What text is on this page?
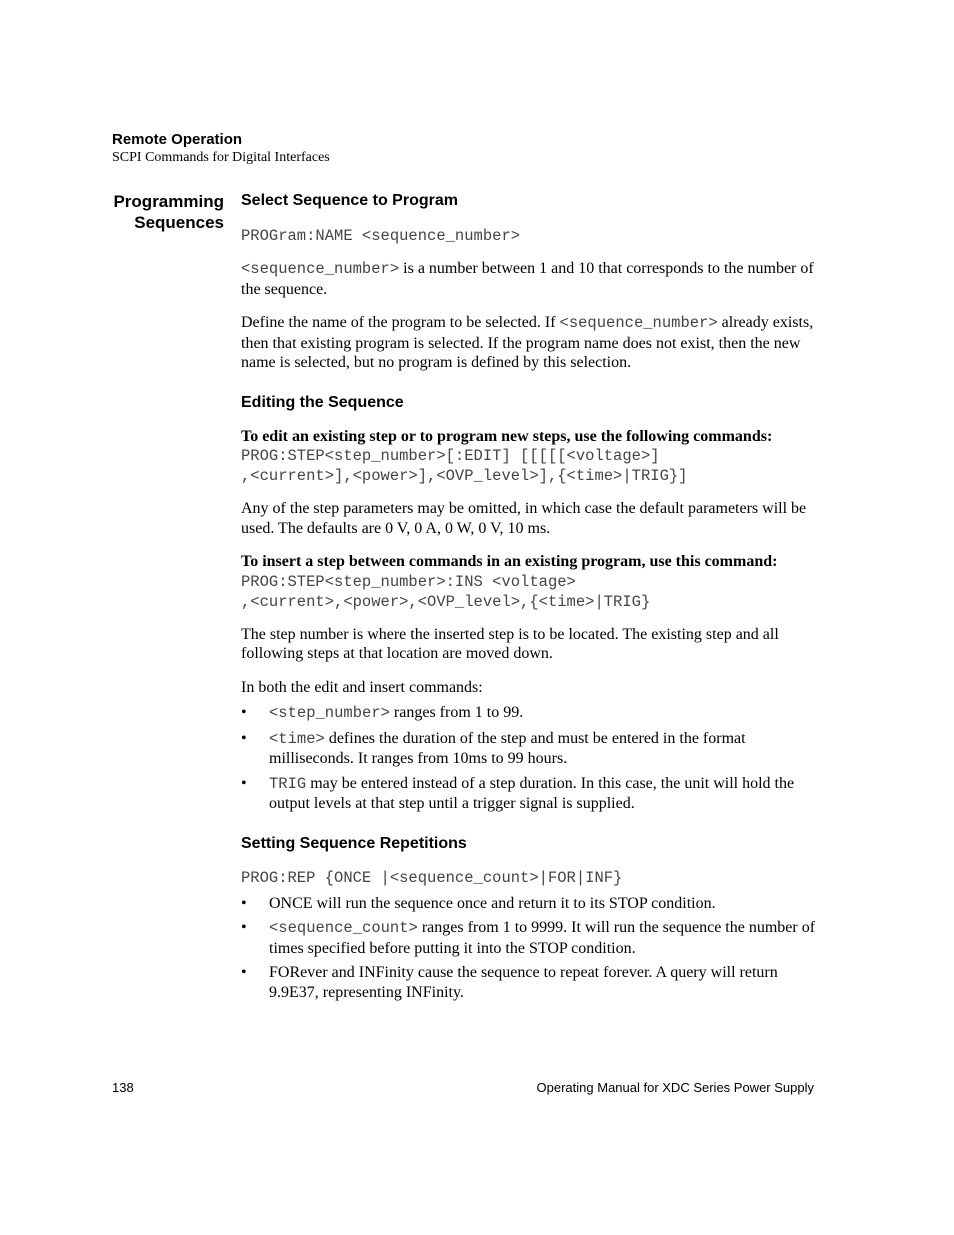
Remote Operation
SCPI Commands for Digital Interfaces
Programming
Sequences
Select Sequence to Program
PROGram:NAME <sequence_number>

<sequence_number> is a number between 1 and 10 that corresponds to the number of the sequence.

Define the name of the program to be selected. If <sequence_number> already exists, then that existing program is selected. If the program name does not exist, then the new name is selected, but no program is defined by this selection.

Editing the Sequence

To edit an existing step or to program new steps, use the following commands:

PROG:STEP<step_number>[:EDIT] [[[[[<voltage>]
,<current>],<power>],<OVP_level>],{<time>|TRIG}]

Any of the step parameters may be omitted, in which case the default parameters will be used. The defaults are 0 V, 0 A, 0 W, 0 V, 10 ms.

To insert a step between commands in an existing program, use this command:

PROG:STEP<step_number>:INS <voltage>
,<current>,<power>,<OVP_level>,{<time>|TRIG}

The step number is where the inserted step is to be located. The existing step and all following steps at that location are moved down.

In both the edit and insert commands:

• <step_number> ranges from 1 to 99.
• <time> defines the duration of the step and must be entered in the format milliseconds. It ranges from 10ms to 99 hours.
• TRIG may be entered instead of a step duration. In this case, the unit will hold the output levels at that step until a trigger signal is supplied.
Setting Sequence Repetitions
PROG:REP {ONCE |<sequence_count>|FOR|INF}
• ONCE will run the sequence once and return it to its STOP condition.
• <sequence_count> ranges from 1 to 9999. It will run the sequence the number of times specified before putting it into the STOP condition.
• FORever and INFinity cause the sequence to repeat forever. A query will return 9.9E37, representing INFinity.
138	Operating Manual for XDC Series Power Supply
